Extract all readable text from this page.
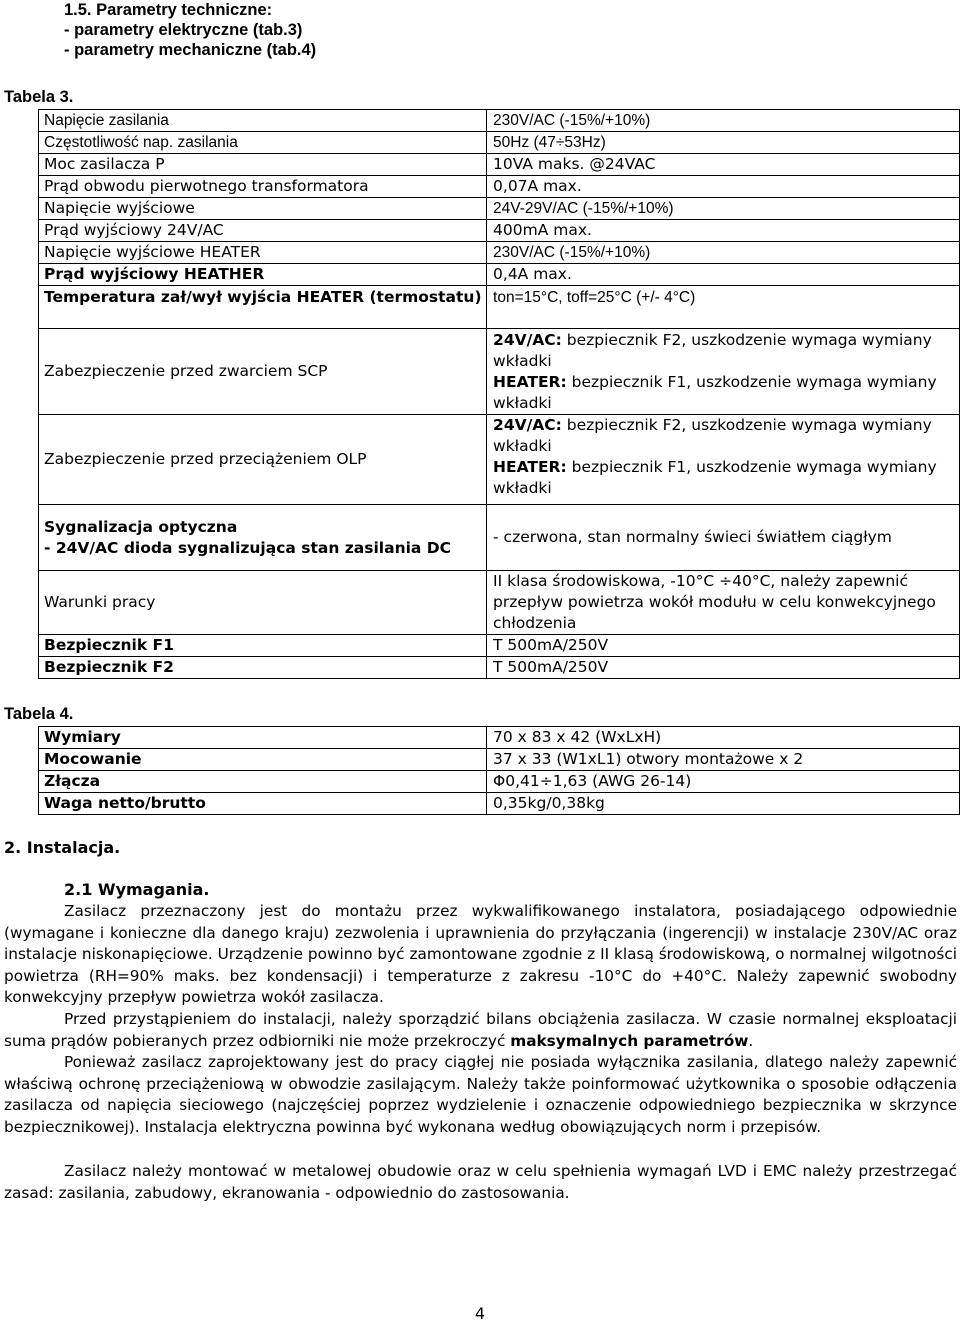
1.5. Parametry techniczne:
- parametry elektryczne (tab.3)
- parametry mechaniczne (tab.4)
Tabela 3.
Napięcie zasilania	230V/AC (-15%/+10%)
Częstotliwość nap. zasilania	50Hz (47÷53Hz)
Moc zasilacza P	10VA maks. @24VAC
Prąd obwodu pierwotnego transformatora	0,07A max.
Napięcie wyjściowe	24V-29V/AC (-15%/+10%)
Prąd wyjściowy 24V/AC	400mA max.
Napięcie wyjściowe HEATER	230V/AC (-15%/+10%)
Prąd wyjściowy HEATHER	0,4A max.
Temperatura zał/wył wyjścia HEATER (termostatu)	ton=15°C, toff=25°C (+/- 4°C)
Zabezpieczenie przed zwarciem SCP	24V/AC: bezpiecznik F2, uszkodzenie wymaga wymiany wkładki
HEATER: bezpiecznik F1, uszkodzenie wymaga wymiany wkładki

Zabezpieczenie przed przeciążeniem OLP	24V/AC: bezpiecznik F2, uszkodzenie wymaga wymiany wkładki
HEATER: bezpiecznik F1, uszkodzenie wymaga wymiany wkładki

Sygnalizacja optyczna
- 24V/AC dioda sygnalizująca stan zasilania DC	- czerwona, stan normalny świeci światłem ciągłym
Warunki pracy	II klasa środowiskowa, -10°C ÷40°C, należy zapewnić przepływ powietrza wokół modułu w celu konwekcyjnego chłodzenia
Bezpiecznik F1	T 500mA/250V
Bezpiecznik F2	T 500mA/250V
Tabela 4.
Wymiary	70 x 83 x 42 (WxLxH)
Mocowanie	37 x 33 (W1xL1) otwory montażowe x 2
Złącza	Φ0,41÷1,63 (AWG 26-14)
Waga netto/brutto	0,35kg/0,38kg
2. Instalacja.
2.1 Wymagania.
Zasilacz przeznaczony jest do montażu przez wykwalifikowanego instalatora, posiadającego odpowiednie (wymagane i konieczne dla danego kraju) zezwolenia i uprawnienia do przyłączania (ingerencji) w instalacje 230V/AC oraz instalacje niskonapięciowe. Urządzenie powinno być zamontowane zgodnie z II klasą środowiskową, o normalnej wilgotności powietrza (RH=90% maks. bez kondensacji) i temperaturze z zakresu -10°C do +40°C. Należy zapewnić swobodny konwekcyjny przepływ powietrza wokół zasilacza.
Przed przystąpieniem do instalacji, należy sporządzić bilans obciążenia zasilacza. W czasie normalnej eksploatacji suma prądów pobieranych przez odbiorniki nie może przekroczyć maksymalnych parametrów.
Ponieważ zasilacz zaprojektowany jest do pracy ciągłej nie posiada wyłącznika zasilania, dlatego należy zapewnić właściwą ochronę przeciążeniową w obwodzie zasilającym. Należy także poinformować użytkownika o sposobie odłączenia zasilacza od napięcia sieciowego (najczęściej poprzez wydzielenie i oznaczenie odpowiedniego bezpiecznika w skrzynce bezpiecznikowej). Instalacja elektryczna powinna być wykonana według obowiązujących norm i przepisów.
Zasilacz należy montować w metalowej obudowie oraz w celu spełnienia wymagań LVD i EMC należy przestrzegać zasad: zasilania, zabudowy, ekranowania - odpowiednio do zastosowania.
4
